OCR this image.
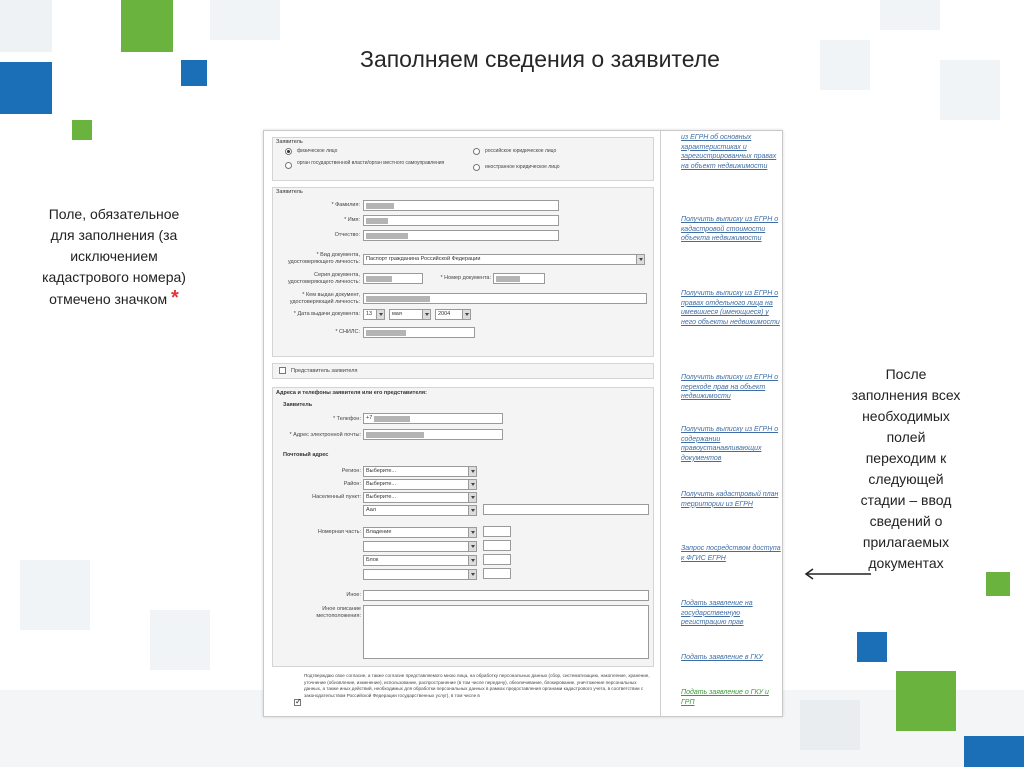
Заполняем сведения о заявителе
Поле, обязательное
для заполнения (за
исключением
кадастрового номера)
отмечено значком *
После
заполнения всех
необходимых
полей
переходим к
следующей
стадии – ввод
сведений о
прилагаемых
документах
Заявитель
физическое лицо
орган государственной власти/орган местного самоуправления
российское юридическое лицо
иностранное юридическое лицо
Заявитель
* Фамилия:
* Имя:
Отчество:
* Вид документа, удостоверяющего личность:	Паспорт гражданина Российской Федерации
Серия документа, удостоверяющего личность:
* Номер документа:
* Кем выдан документ, удостоверяющий личность:
* Дата выдачи документа:	13	мая	2004
* СНИЛС:
Представитель заявителя
Адреса и телефоны заявителя или его представителя:
Заявитель
* Телефон: +7
* Адрес электронной почты:
Почтовый адрес
Регион: Выберите...
Район: Выберите...
Населенный пункт: Выберите...
Аал
Номерная часть: Владение
Блок
Иное:
Иное описание местоположения:
✓
Подтверждаю свое согласие, а также согласие представляемого мною лица, на обработку персональных данных (сбор, систематизацию, накопление, хранение, уточнение (обновление, изменение), использование, распространение (в том числе передачу), обезличивание, блокирование, уничтожение персональных данных, а также иных действий, необходимых для обработки персональных данных в рамках предоставления органами кадастрового учета, в соответствии с законодательством Российской Федерации государственных услуг), в том числе в
из ЕГРН об основных характеристиках и зарегистрированных правах на объект недвижимости
Получить выписку из ЕГРН о кадастровой стоимости объекта недвижимости
Получить выписку из ЕГРН о правах отдельного лица на имевшиеся (имеющиеся) у него объекты недвижимости
Получить выписку из ЕГРН о переходе прав на объект недвижимости
Получить выписку из ЕГРН о содержании правоустанавливающих документов
Получить кадастровый план территории из ЕГРН
Запрос посредством доступа к ФГИС ЕГРН
Подать заявление на государственную регистрацию прав
Подать заявление в ГКУ
Подать заявление о ГКУ и ГРП
